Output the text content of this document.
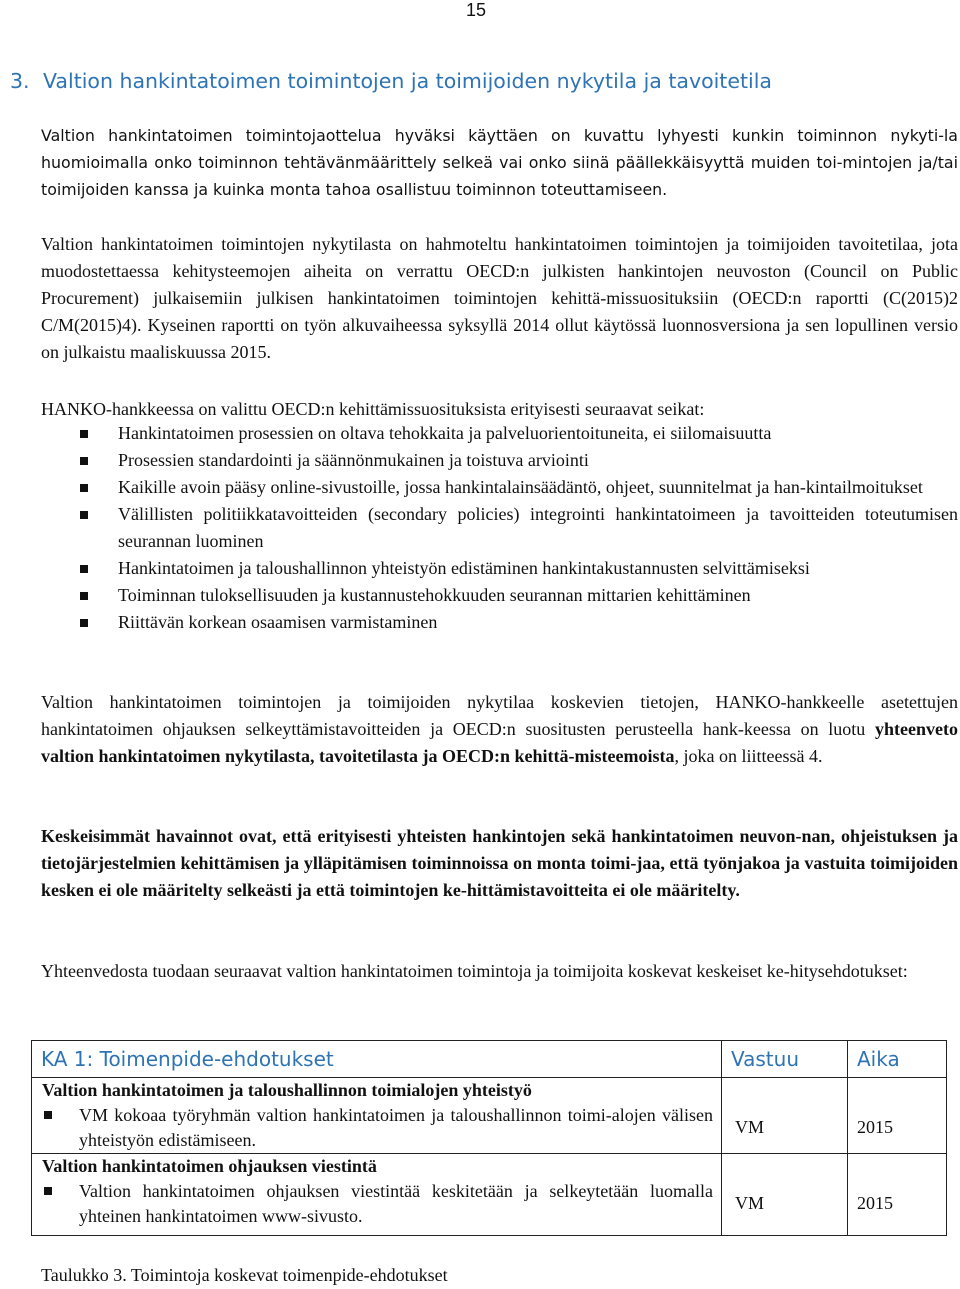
15
3. Valtion hankintatoimen toimintojen ja toimijoiden nykytila ja tavoitetila

Valtion hankintatoimen toimintojaottelua hyväksi käyttäen on kuvattu lyhyesti kunkin toiminnon nykyti-la huomioimalla onko toiminnon tehtävänmäärittely selkeä vai onko siinä päällekkäisyyttä muiden toi-mintojen ja/tai toimijoiden kanssa ja kuinka monta tahoa osallistuu toiminnon toteuttamiseen.

Valtion hankintatoimen toimintojen nykytilasta on hahmoteltu hankintatoimen toimintojen ja toimijoiden tavoitetilaa, jota muodostettaessa kehitysteemojen aiheita on verrattu OECD:n julkisten hankintojen neuvoston (Council on Public Procurement) julkaisemiin julkisen hankintatoimen toimintojen kehittä-missuosituksiin (OECD:n raportti (C(2015)2 C/M(2015)4). Kyseinen raportti on työn alkuvaiheessa syksyllä 2014 ollut käytössä luonnosversiona ja sen lopullinen versio on julkaistu maaliskuussa 2015.

HANKO-hankkeessa on valittu OECD:n kehittämissuosituksista erityisesti seuraavat seikat:
Hankintatoimen prosessien on oltava tehokkaita ja palveluorientoituneita, ei siilomaisuutta
Prosessien standardointi ja säännönmukainen ja toistuva arviointi
Kaikille avoin pääsy online-sivustoille, jossa hankintalainsäädäntö, ohjeet, suunnitelmat ja han-kintailmoitukset
Välillisten politiikkatavoitteiden (secondary policies) integrointi hankintatoimeen ja tavoitteiden toteutumisen seurannan luominen
Hankintatoimen ja taloushallinnon yhteistyön edistäminen hankintakustannusten selvittämiseksi
Toiminnan tuloksellisuuden ja kustannustehokkuuden seurannan mittarien kehittäminen
Riittävän korkean osaamisen varmistaminen

Valtion hankintatoimen toimintojen ja toimijoiden nykytilaa koskevien tietojen, HANKO-hankkeelle asetettujen hankintatoimen ohjauksen selkeyttämistavoitteiden ja OECD:n suositusten perusteella hank-keessa on luotu yhteenveto valtion hankintatoimen nykytilasta, tavoitetilasta ja OECD:n kehittä-misteemoista, joka on liitteessä 4.

Keskeisimmät havainnot ovat, että erityisesti yhteisten hankintojen sekä hankintatoimen neuvon-nan, ohjeistuksen ja tietojärjestelmien kehittämisen ja ylläpitämisen toiminnoissa on monta toimi-jaa, että työnjakoa ja vastuita toimijoiden kesken ei ole määritelty selkeästi ja että toimintojen ke-hittämistavoitteita ei ole määritelty.

Yhteenvedosta tuodaan seuraavat valtion hankintatoimen toimintoja ja toimijoita koskevat keskeiset ke-hitysehdotukset:

KA 1: Toimenpide-ehdotukset	Vastuu	Aika

Valtion hankintatoimen ja taloushallinnon toimialojen yhteistyö		

VM kokoaa työryhmän valtion hankintatoimen ja taloushallinnon toimi-alojen välisen yhteistyön edistämiseen.	VM	2015

Valtion hankintatoimen ohjauksen viestintä		

Valtion hankintatoimen ohjauksen viestintää keskitetään ja selkeytetään luomalla yhteinen hankintatoimen www-sivusto.	VM	2015
Taulukko 3. Toimintoja koskevat toimenpide-ehdotukset
